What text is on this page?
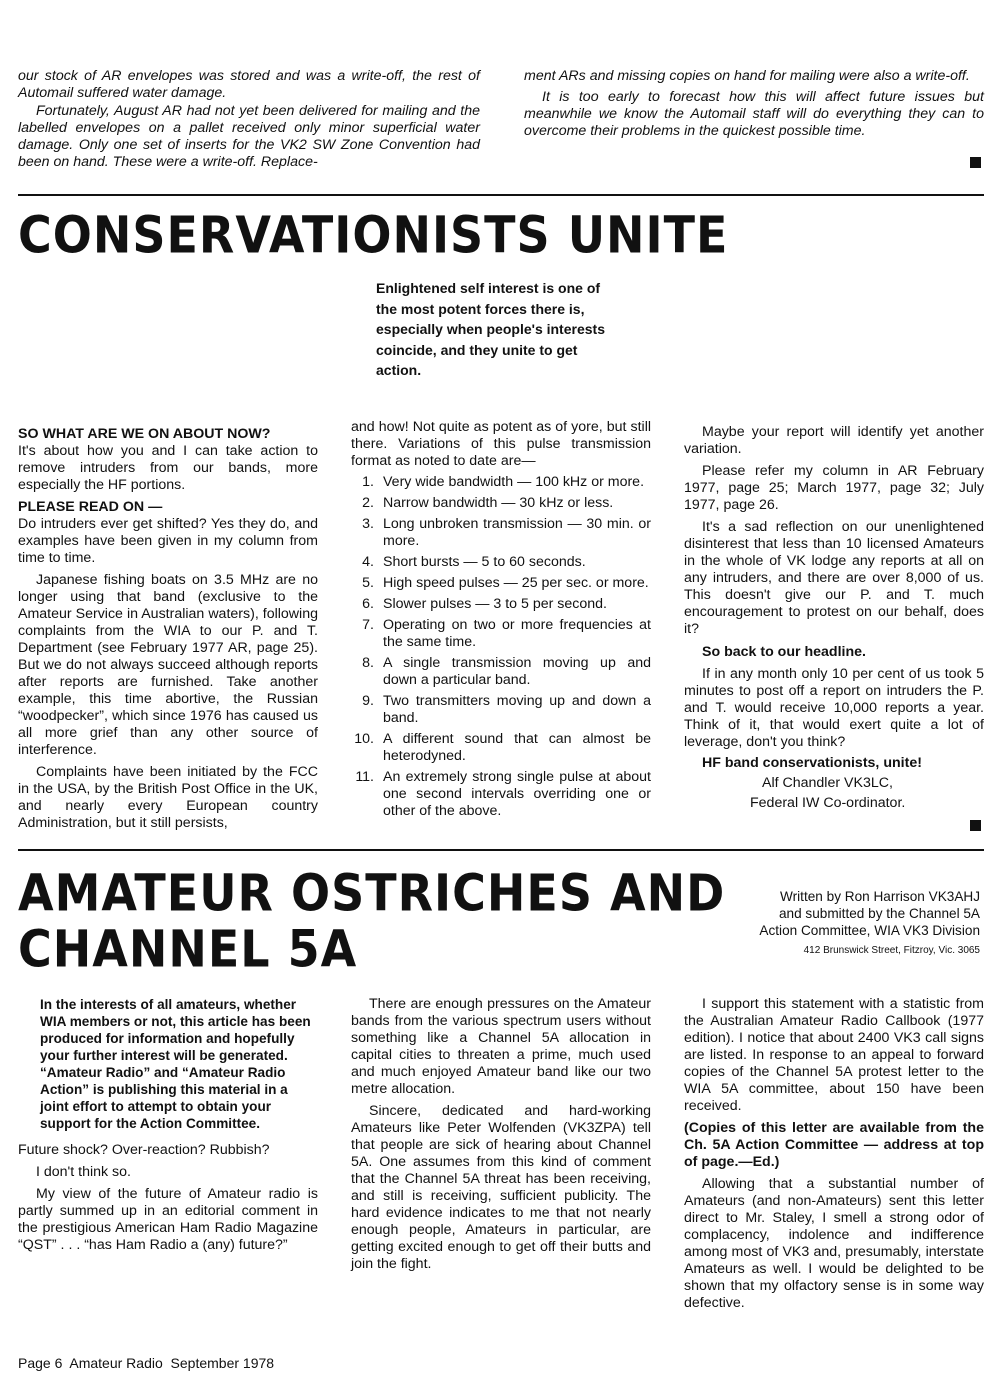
our stock of AR envelopes was stored and was a write-off, the rest of Automail suffered water damage.

Fortunately, August AR had not yet been delivered for mailing and the labelled envelopes on a pallet received only minor superficial water damage. Only one set of inserts for the VK2 SW Zone Convention had been on hand. These were a write-off. Replace-

ment ARs and missing copies on hand for mailing were also a write-off.

It is too early to forecast how this will affect future issues but meanwhile we know the Automail staff will do everything they can to overcome their problems in the quickest possible time.

CONSERVATIONISTS UNITE
Enlightened self interest is one of the most potent forces there is, especially when people's interests coincide, and they unite to get action.
SO WHAT ARE WE ON ABOUT NOW?

It's about how you and I can take action to remove intruders from our bands, more especially the HF portions.

PLEASE READ ON —

Do intruders ever get shifted? Yes they do, and examples have been given in my column from time to time.

Japanese fishing boats on 3.5 MHz are no longer using that band (exclusive to the Amateur Service in Australian waters), following complaints from the WIA to our P. and T. Department (see February 1977 AR, page 25). But we do not always succeed although reports after reports are furnished. Take another example, this time abortive, the Russian “woodpecker”, which since 1976 has caused us all more grief than any other source of interference.

Complaints have been initiated by the FCC in the USA, by the British Post Office in the UK, and nearly every European country Administration, but it still persists,

and how! Not quite as potent as of yore, but still there. Variations of this pulse transmission format as noted to date are—

1. Very wide bandwidth — 100 kHz or more.
2. Narrow bandwidth — 30 kHz or less.
3. Long unbroken transmission — 30 min. or more.
4. Short bursts — 5 to 60 seconds.
5. High speed pulses — 25 per sec. or more.
6. Slower pulses — 3 to 5 per second.
7. Operating on two or more frequencies at the same time.
8. A single transmission moving up and down a particular band.
9. Two transmitters moving up and down a band.
10. A different sound that can almost be heterodyned.
11. An extremely strong single pulse at about one second intervals overriding one or other of the above.

Maybe your report will identify yet another variation.

Please refer my column in AR February 1977, page 25; March 1977, page 32; July 1977, page 26.

It's a sad reflection on our unenlightened disinterest that less than 10 licensed Amateurs in the whole of VK lodge any reports at all on any intruders, and there are over 8,000 of us. This doesn't give our P. and T. much encouragement to protest on our behalf, does it?

So back to our headline.

If in any month only 10 per cent of us took 5 minutes to post off a report on intruders the P. and T. would receive 10,000 reports a year. Think of it, that would exert quite a lot of leverage, don't you think?

HF band conservationists, unite!
Alf Chandler VK3LC,
Federal IW Co-ordinator.
AMATEUR OSTRICHES AND
CHANNEL 5A
Written by Ron Harrison VK3AHJ
and submitted by the Channel 5A
Action Committee, WIA VK3 Division
412 Brunswick Street, Fitzroy, Vic. 3065

In the interests of all amateurs, whether WIA members or not, this article has been produced for information and hopefully your further interest will be generated. “Amateur Radio” and “Amateur Radio Action” is publishing this material in a joint effort to attempt to obtain your support for the Action Committee.

Future shock? Over-reaction? Rubbish?

I don't think so.

My view of the future of Amateur radio is partly summed up in an editorial comment in the prestigious American Ham Radio Magazine “QST” . . . “has Ham Radio a (any) future?”

There are enough pressures on the Amateur bands from the various spectrum users without something like a Channel 5A allocation in capital cities to threaten a prime, much used and much enjoyed Amateur band like our two metre allocation.

Sincere, dedicated and hard-working Amateurs like Peter Wolfenden (VK3ZPA) tell that people are sick of hearing about Channel 5A. One assumes from this kind of comment that the Channel 5A threat has been receiving, and still is receiving, sufficient publicity. The hard evidence indicates to me that not nearly enough people, Amateurs in particular, are getting excited enough to get off their butts and join the fight.

I support this statement with a statistic from the Australian Amateur Radio Callbook (1977 edition). I notice that about 2400 VK3 call signs are listed. In response to an appeal to forward copies of the Channel 5A protest letter to the WIA 5A committee, about 150 have been received.

(Copies of this letter are available from the Ch. 5A Action Committee — address at top of page.—Ed.)

Allowing that a substantial number of Amateurs (and non-Amateurs) sent this letter direct to Mr. Staley, I smell a strong odor of complacency, indolence and indifference among most of VK3 and, presumably, interstate Amateurs as well. I would be delighted to be shown that my olfactory sense is in some way defective.

Page 6  Amateur Radio  September 1978
